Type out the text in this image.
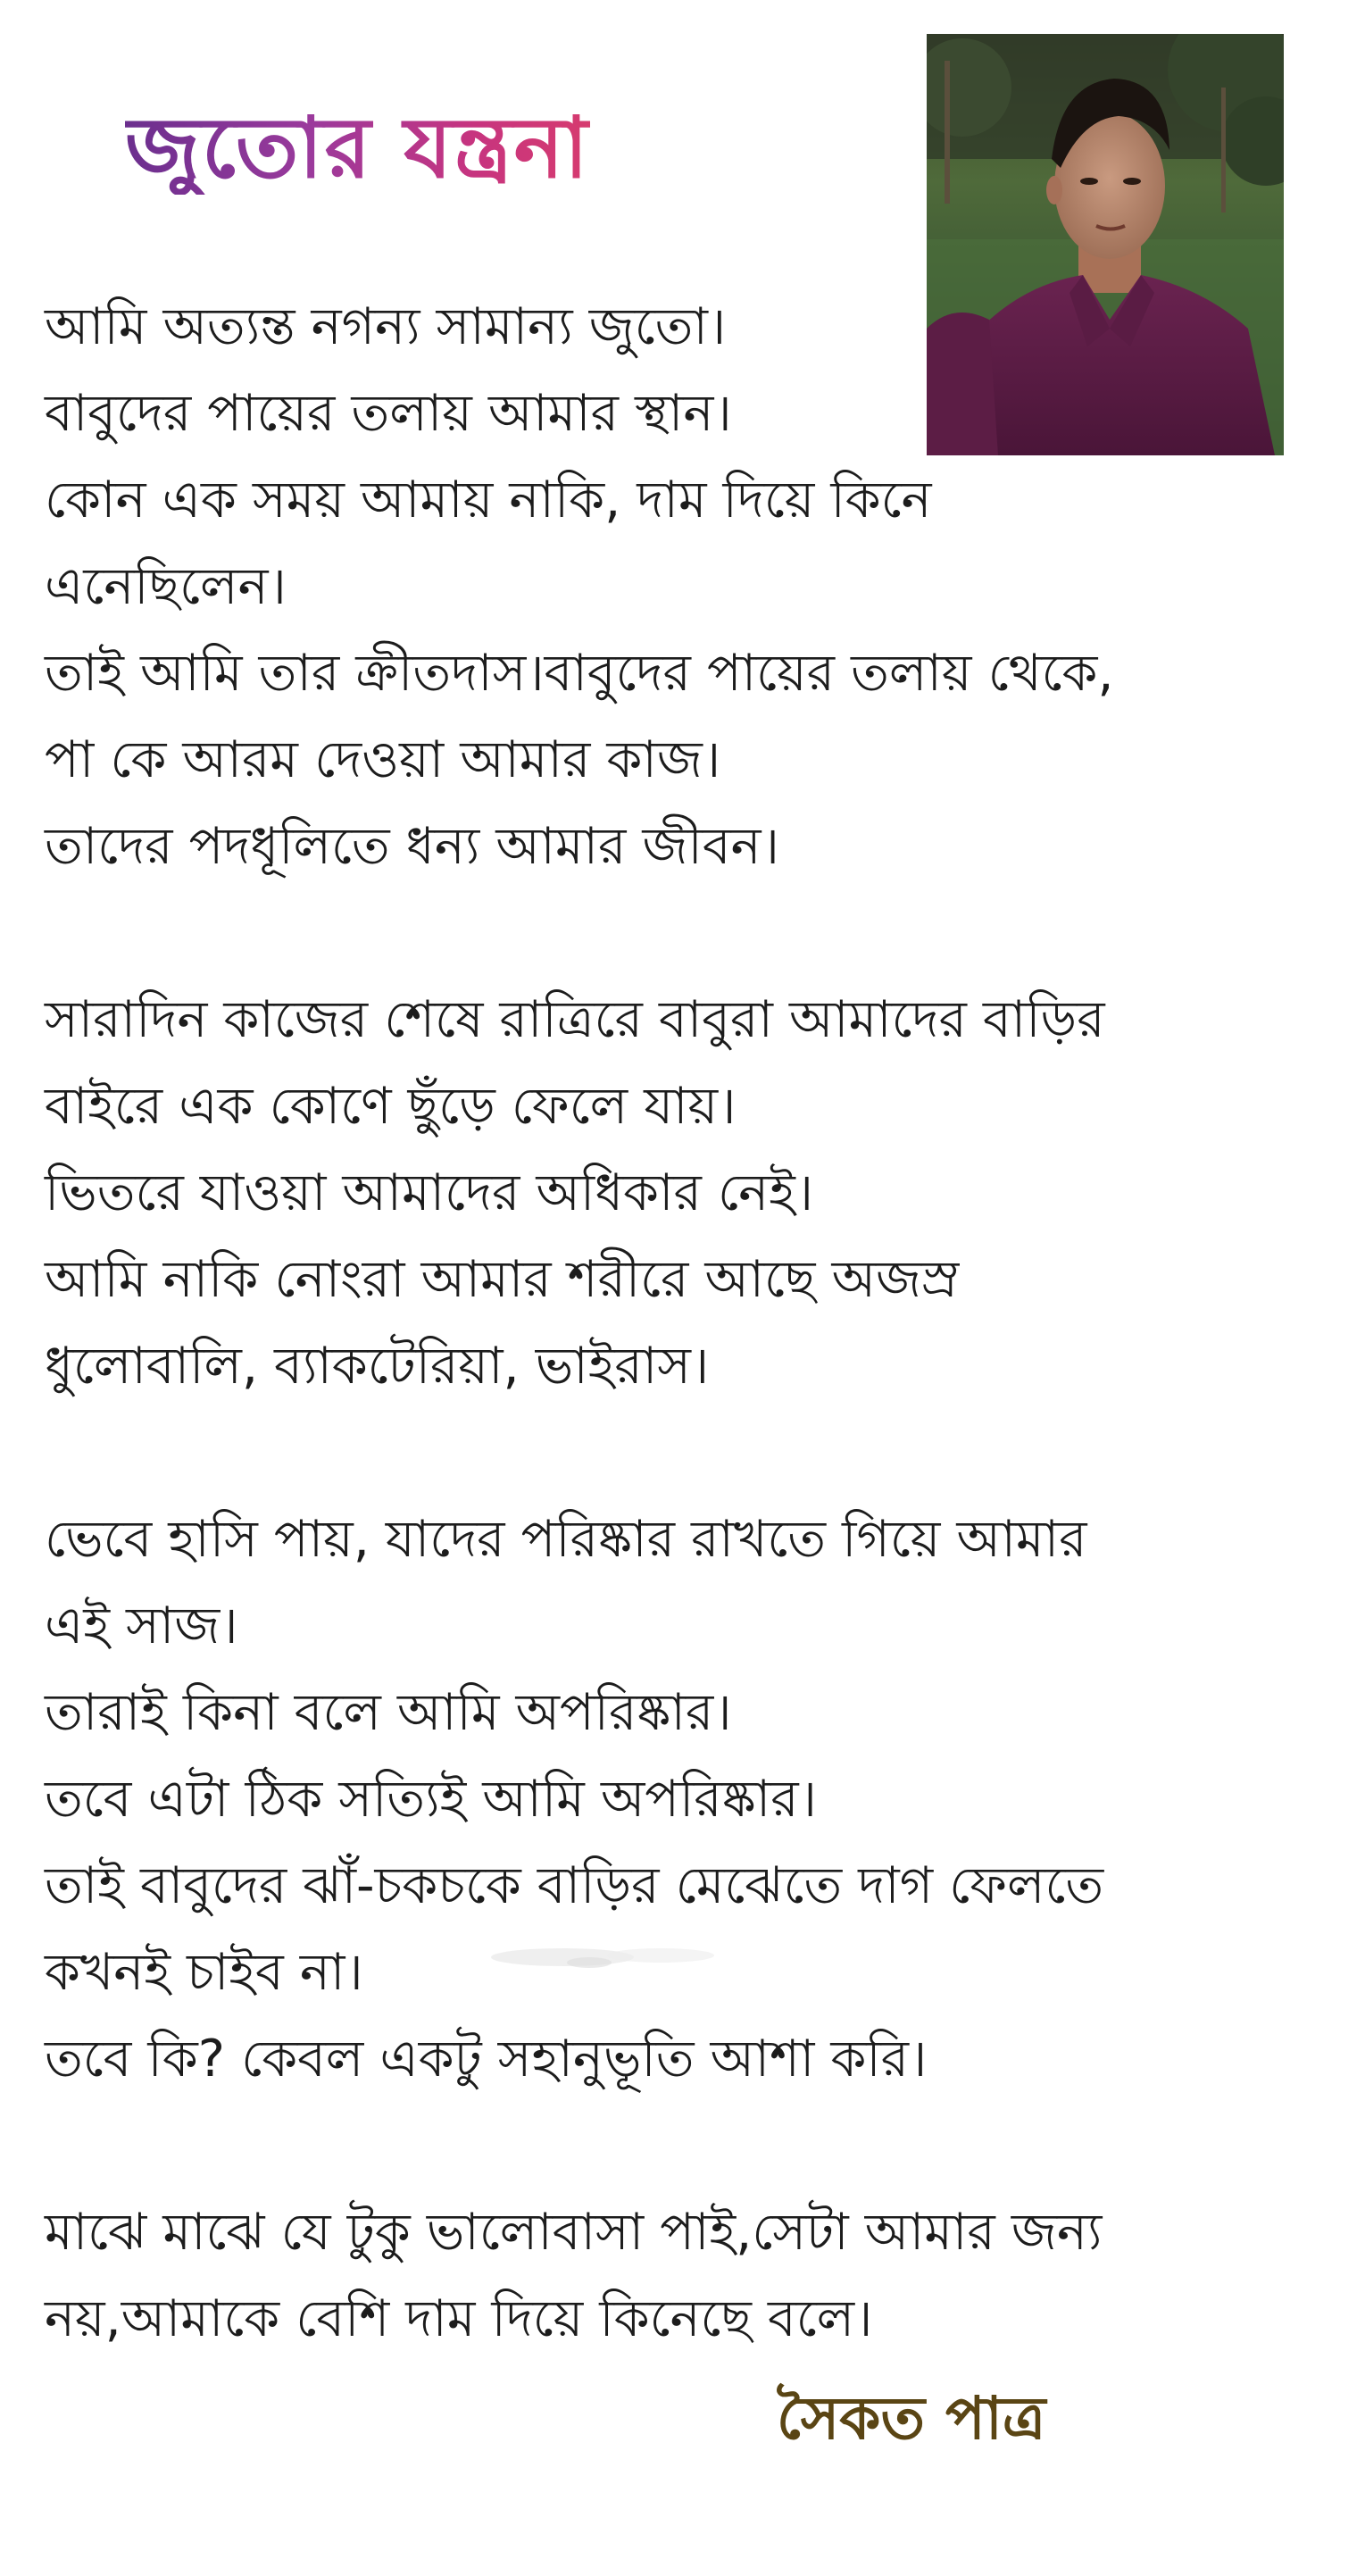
জুতোর যন্ত্রনা
আমি অত্যন্ত নগন্য সামান্য জুতো।
বাবুদের পায়ের তলায় আমার স্থান।
কোন এক সময় আমায় নাকি, দাম দিয়ে কিনে
এনেছিলেন।
তাই আমি তার ক্রীতদাস।বাবুদের পায়ের তলায় থেকে,
পা কে আরম দেওয়া আমার কাজ।
তাদের পদধূলিতে ধন্য আমার জীবন।
সারাদিন কাজের শেষে রাত্রিরে বাবুরা আমাদের বাড়ির
বাইরে এক কোণে ছুঁড়ে ফেলে যায়।
ভিতরে যাওয়া আমাদের অধিকার নেই।
আমি নাকি নোংরা আমার শরীরে আছে অজস্র
ধুলোবালি, ব্যাকটেরিয়া, ভাইরাস।
ভেবে হাসি পায়, যাদের পরিষ্কার রাখতে গিয়ে আমার
এই সাজ।
তারাই কিনা বলে আমি অপরিষ্কার।
তবে এটা ঠিক সত্যিই আমি অপরিষ্কার।
তাই বাবুদের ঝাঁ-চকচকে বাড়ির মেঝেতে দাগ ফেলতে
কখনই চাইব না।
তবে কি? কেবল একটু সহানুভূতি আশা করি।
মাঝে মাঝে যে টুকু ভালোবাসা পাই,সেটা আমার জন্য
নয়,আমাকে বেশি দাম দিয়ে কিনেছে বলে।
সৈকত পাত্র
